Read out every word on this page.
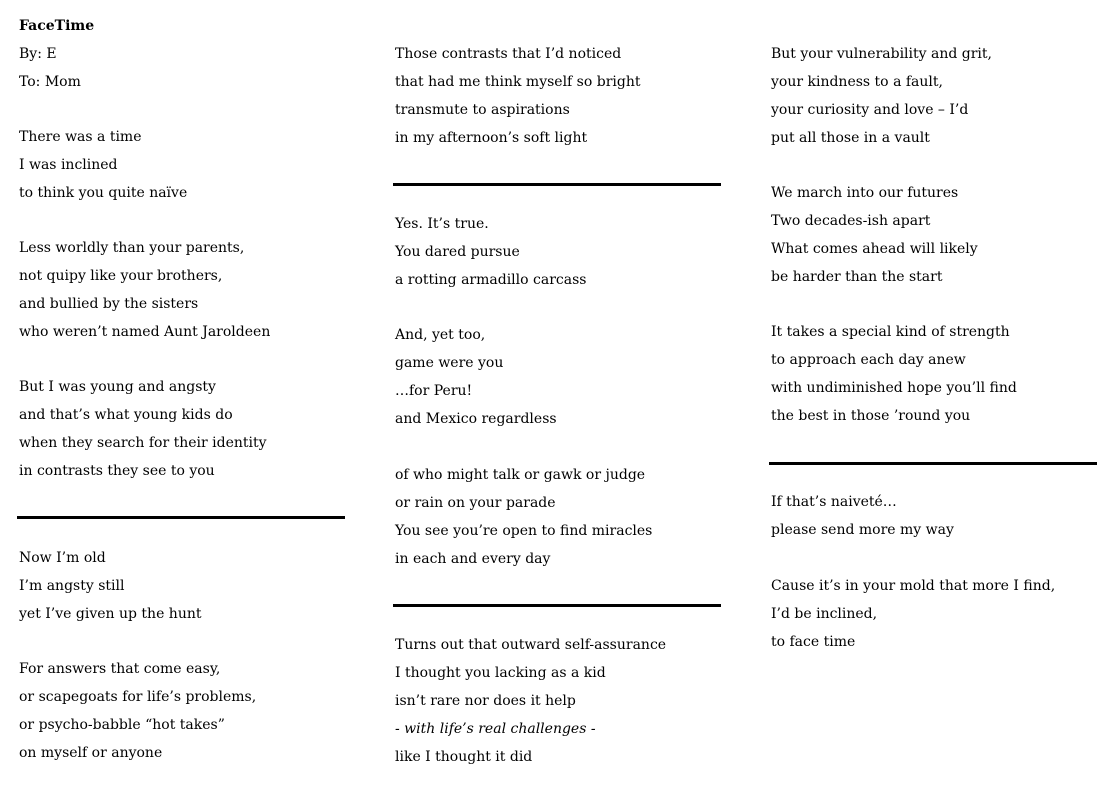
FaceTime
By: E
To: Mom
There was a time
I was inclined
to think you quite naïve
Less worldly than your parents,
not quipy like your brothers,
and bullied by the sisters
who weren’t named Aunt Jaroldeen
But I was young and angsty
and that’s what young kids do
when they search for their identity
in contrasts they see to you
Now I’m old
I’m angsty still
yet I’ve given up the hunt
For answers that come easy,
or scapegoats for life’s problems,
or psycho-babble “hot takes”
on myself or anyone
Those contrasts that I’d noticed
that had me think myself so bright
transmute to aspirations
in my afternoon’s soft light
Yes. It’s true.
You dared pursue
a rotting armadillo carcass
And, yet too,
game were you
…for Peru!
and Mexico regardless
of who might talk or gawk or judge
or rain on your parade
You see you’re open to find miracles
in each and every day
Turns out that outward self-assurance
I thought you lacking as a kid
isn’t rare nor does it help
- with life’s real challenges -
like I thought it did
But your vulnerability and grit,
your kindness to a fault,
your curiosity and love – I’d
put all those in a vault
We march into our futures
Two decades-ish apart
What comes ahead will likely
be harder than the start
It takes a special kind of strength
to approach each day anew
with undiminished hope you’ll find
the best in those ’round you
If that’s naiveté…
please send more my way
Cause it’s in your mold that more I find,
I’d be inclined,
to face time
